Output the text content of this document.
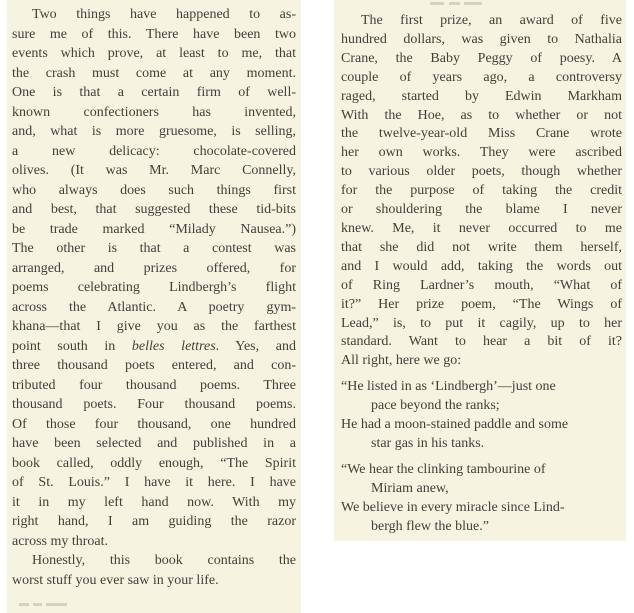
Two things have happened to as-
sure me of this. There have been two
events which prove, at least to me, that
the crash must come at any moment.
One is that a certain firm of well-
known confectioners has invented,
and, what is more gruesome, is selling,
a new delicacy: chocolate-covered
olives. (It was Mr. Marc Connelly,
who always does such things first
and best, that suggested these tid-bits
be trade marked “Milady Nausea.”)
The other is that a contest was
arranged, and prizes offered, for
poems celebrating Lindbergh’s flight
across the Atlantic. A poetry gym-
khana—that I give you as the farthest
point south in belles lettres. Yes, and
three thousand poets entered, and con-
tributed four thousand poems. Three
thousand poets. Four thousand poems.
Of those four thousand, one hundred
have been selected and published in a
book called, oddly enough, “The Spirit
of St. Louis.” I have it here. I have
it in my left hand now. With my
right hand, I am guiding the razor
across my throat.
Honestly, this book contains the
worst stuff you ever saw in your life.
The first prize, an award of five
hundred dollars, was given to Nathalia
Crane, the Baby Peggy of poesy. A
couple of years ago, a controversy
raged, started by Edwin Markham
With the Hoe, as to whether or not
the twelve-year-old Miss Crane wrote
her own works. They were ascribed
to various older poets, though whether
for the purpose of taking the credit
or shouldering the blame I never
knew. Me, it never occurred to me
that she did not write them herself,
and I would add, taking the words out
of Ring Lardner’s mouth, “What of
it?” Her prize poem, “The Wings of
Lead,” is, to put it cagily, up to her
standard. Want to hear a bit of it?
All right, here we go:
“He listed in as ‘Lindbergh’—just one
pace beyond the ranks;
He had a moon-stained paddle and some
star gas in his tanks.
“We hear the clinking tambourine of
Miriam anew,
We believe in every miracle since Lind-
bergh flew the blue.”
